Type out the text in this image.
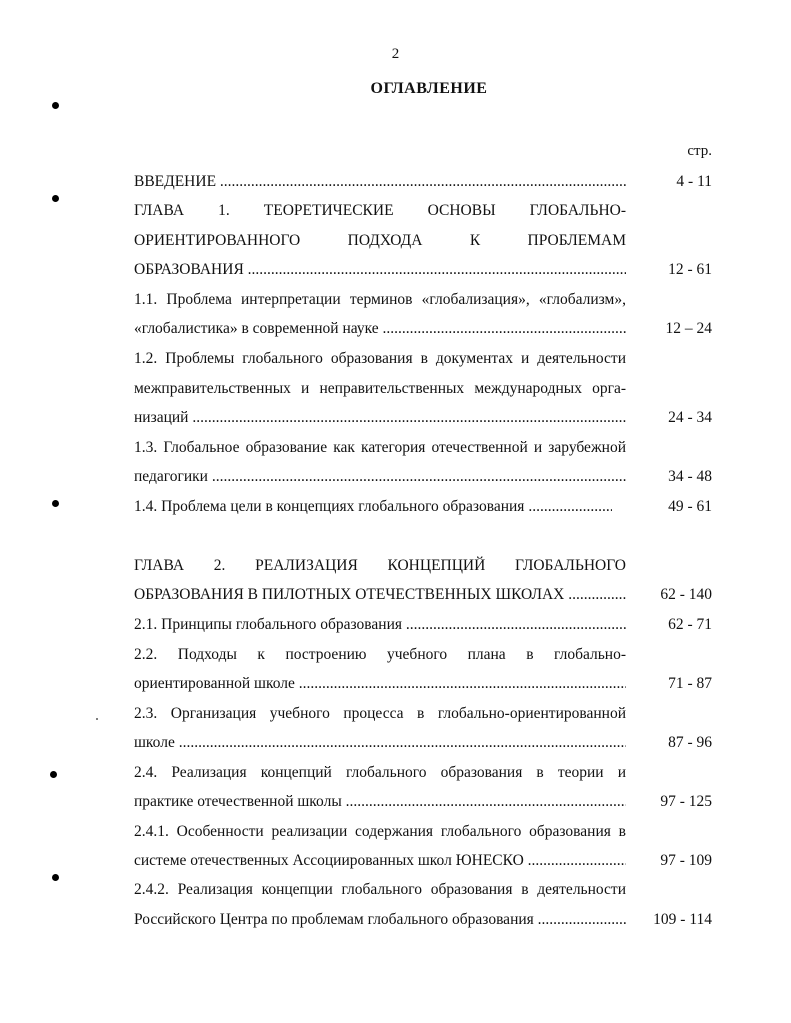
2
ОГЛАВЛЕНИЕ
стр.
ВВЕДЕНИЕ .....	4 - 11
ГЛАВА 1. ТЕОРЕТИЧЕСКИЕ ОСНОВЫ ГЛОБАЛЬНО-
ОРИЕНТИРОВАННОГО ПОДХОДА К ПРОБЛЕМАМ
ОБРАЗОВАНИЯ .....	12 - 61
1.1. Проблема интерпретации терминов «глобализация», «глобализм»,
«глобалистика» в современной науке .....	12 – 24
1.2. Проблемы глобального образования в документах и деятельности
межправительственных и неправительственных международных орга-
низаций .....	24 - 34
1.3. Глобальное образование как категория отечественной и зарубежной
педагогики .....	34 - 48
1.4. Проблема цели в концепциях глобального образования .....	49 - 61
ГЛАВА 2. РЕАЛИЗАЦИЯ КОНЦЕПЦИЙ ГЛОБАЛЬНОГО
ОБРАЗОВАНИЯ В ПИЛОТНЫХ ОТЕЧЕСТВЕННЫХ ШКОЛАХ .....	62 - 140
2.1. Принципы глобального образования .....	62 - 71
2.2. Подходы к построению учебного плана в глобально-
ориентированной школе .....	71 - 87
2.3. Организация учебного процесса в глобально-ориентированной
школе .....	87 - 96
2.4. Реализация концепций глобального образования в теории и
практике отечественной школы .....	97 - 125
2.4.1. Особенности реализации содержания глобального образования в
системе отечественных Ассоциированных школ ЮНЕСКО .....	97 - 109
2.4.2. Реализация концепции глобального образования в деятельности
Российского Центра по проблемам глобального образования .....	109 - 114
